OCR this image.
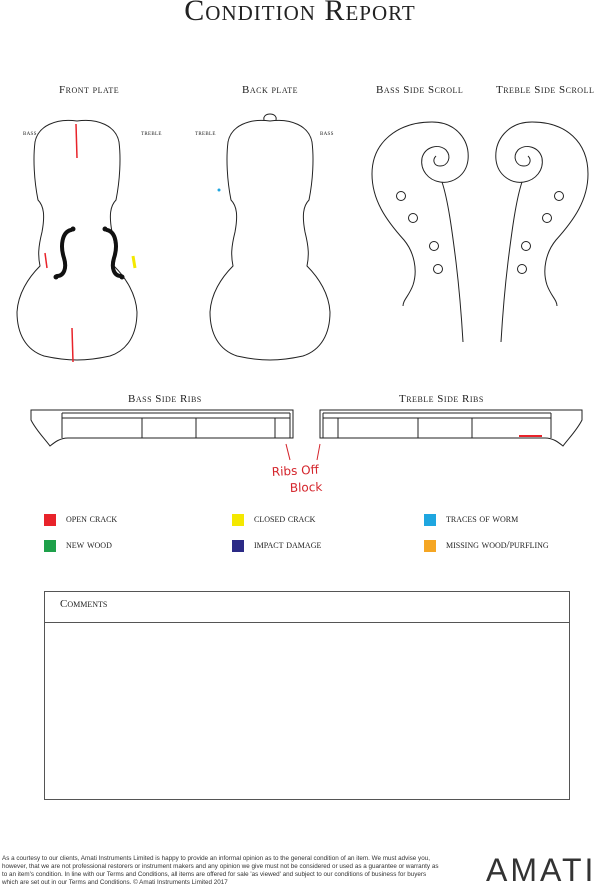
Condition Report
Front plate	Back plate	Bass Side Scroll	Treble Side Scroll
bass	treble	treble	bass
Bass Side Ribs	Treble Side Ribs
Ribs Off
Block
open crack	closed crack	traces of worm
new wood	impact damage	missing wood/purfling
Comments
As a courtesy to our clients, Amati Instruments Limited is happy to provide an informal opinion as to the general condition of an item. We must advise you, however, that we are not professional restorers or instrument makers and any opinion we give must not be considered or used as a guarantee or warranty as to an item's condition. In line with our Terms and Conditions, all items are offered for sale 'as viewed' and subject to our conditions of business for buyers which are set out in our Terms and Conditions. © Amati Instruments Limited 2017	AMATI
